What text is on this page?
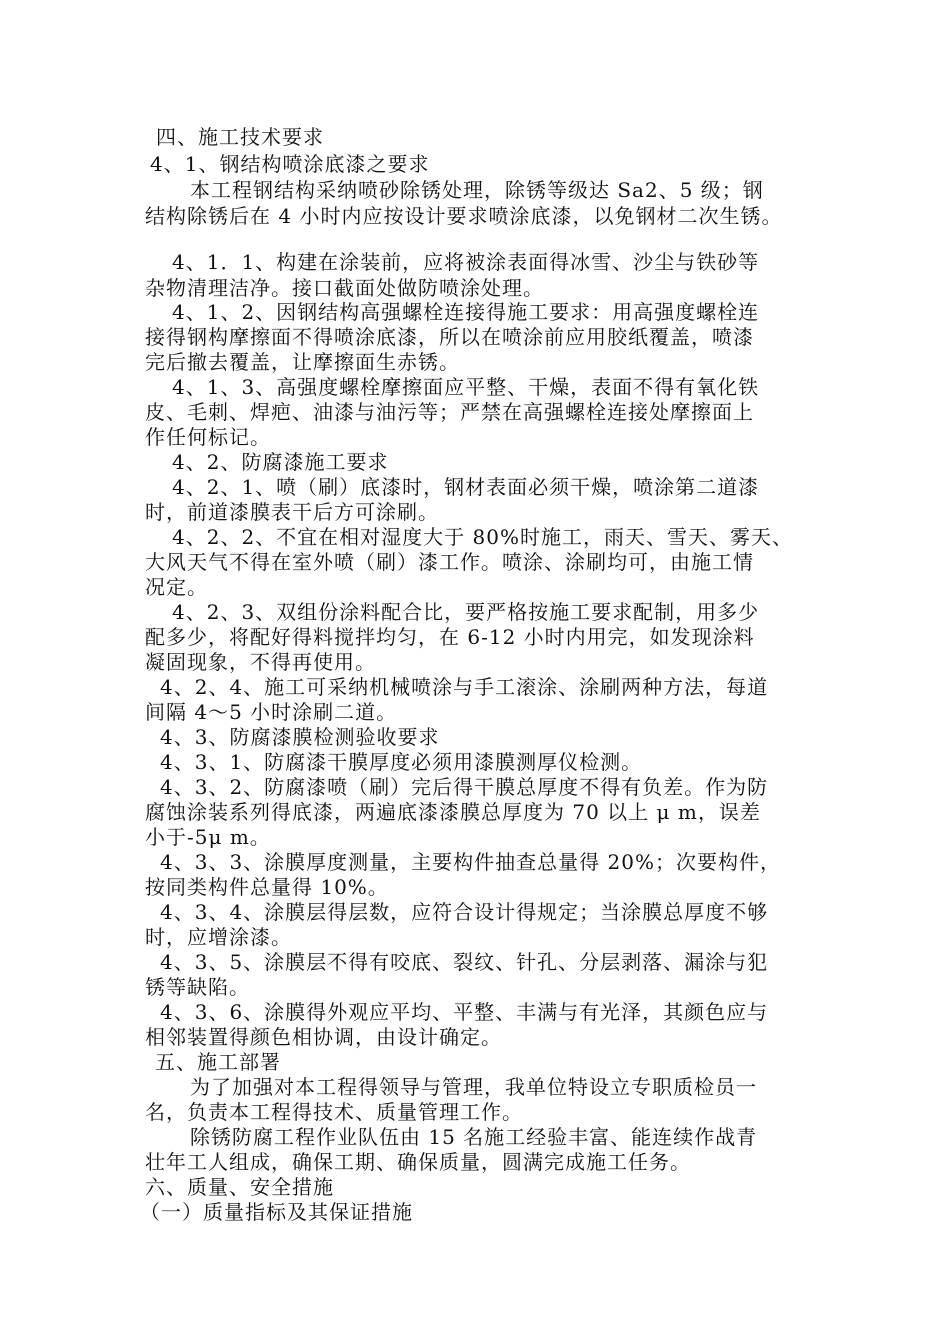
四、施工技术要求
4、1、钢结构喷涂底漆之要求
本工程钢结构采纳喷砂除锈处理，除锈等级达 Sa2、5 级；钢
结构除锈后在 4 小时内应按设计要求喷涂底漆，以免钢材二次生锈。
4、1．1、构建在涂装前，应将被涂表面得冰雪、沙尘与铁砂等
杂物清理洁净。接口截面处做防喷涂处理。
4、1、2、因钢结构高强螺栓连接得施工要求：用高强度螺栓连
接得钢构摩擦面不得喷涂底漆，所以在喷涂前应用胶纸覆盖，喷漆
完后撤去覆盖，让摩擦面生赤锈。
4、1、3、高强度螺栓摩擦面应平整、干燥，表面不得有氧化铁
皮、毛刺、焊疤、油漆与油污等；严禁在高强螺栓连接处摩擦面上
作任何标记。
4、2、防腐漆施工要求
4、2、1、喷（刷）底漆时，钢材表面必须干燥，喷涂第二道漆
时，前道漆膜表干后方可涂刷。
4、2、2、不宜在相对湿度大于 80%时施工，雨天、雪天、雾天、
大风天气不得在室外喷（刷）漆工作。喷涂、涂刷均可，由施工情
况定。
4、2、3、双组份涂料配合比，要严格按施工要求配制，用多少
配多少，将配好得料搅拌均匀，在 6-12 小时内用完，如发现涂料
凝固现象，不得再使用。
4、2、4、施工可采纳机械喷涂与手工滚涂、涂刷两种方法，每道
间隔 4～5 小时涂刷二道。
4、3、防腐漆膜检测验收要求
4、3、1、防腐漆干膜厚度必须用漆膜测厚仪检测。
4、3、2、防腐漆喷（刷）完后得干膜总厚度不得有负差。作为防
腐蚀涂装系列得底漆，两遍底漆漆膜总厚度为 70 以上 μ m，误差
小于-5μ m。
4、3、3、涂膜厚度测量，主要构件抽查总量得 20%；次要构件，
按同类构件总量得 10%。
4、3、4、涂膜层得层数，应符合设计得规定；当涂膜总厚度不够
时，应增涂漆。
4、3、5、涂膜层不得有咬底、裂纹、针孔、分层剥落、漏涂与犯
锈等缺陷。
4、3、6、涂膜得外观应平均、平整、丰满与有光泽，其颜色应与
相邻装置得颜色相协调，由设计确定。
五、施工部署
为了加强对本工程得领导与管理，我单位特设立专职质检员一
名，负责本工程得技术、质量管理工作。
除锈防腐工程作业队伍由 15 名施工经验丰富、能连续作战青
壮年工人组成，确保工期、确保质量，圆满完成施工任务。
六、质量、安全措施
（一）质量指标及其保证措施
